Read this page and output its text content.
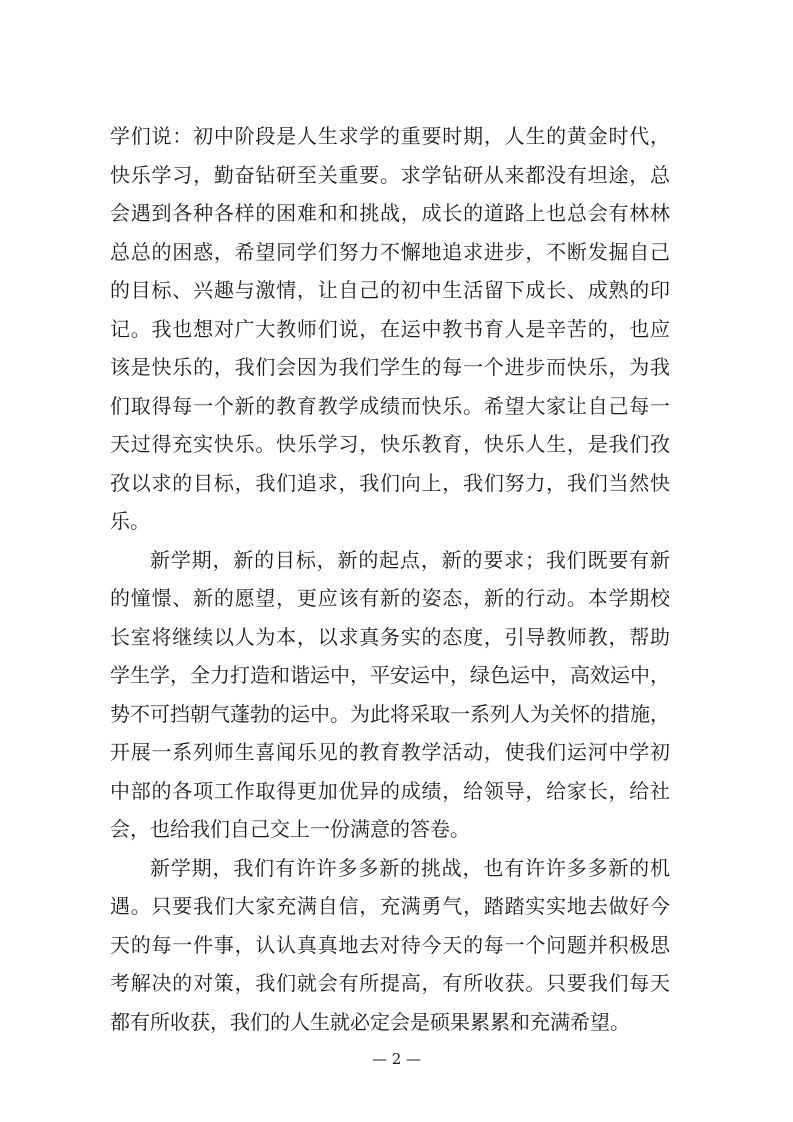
学们说：初中阶段是人生求学的重要时期，人生的黄金时代，
快乐学习，勤奋钻研至关重要。求学钻研从来都没有坦途，总
会遇到各种各样的困难和和挑战，成长的道路上也总会有林林
总总的困惑，希望同学们努力不懈地追求进步，不断发掘自己
的目标、兴趣与激情，让自己的初中生活留下成长、成熟的印
记。我也想对广大教师们说，在运中教书育人是辛苦的，也应
该是快乐的，我们会因为我们学生的每一个进步而快乐，为我
们取得每一个新的教育教学成绩而快乐。希望大家让自己每一
天过得充实快乐。快乐学习，快乐教育，快乐人生，是我们孜
孜以求的目标，我们追求，我们向上，我们努力，我们当然快
乐。
新学期，新的目标，新的起点，新的要求；我们既要有新
的憧憬、新的愿望，更应该有新的姿态，新的行动。本学期校
长室将继续以人为本，以求真务实的态度，引导教师教，帮助
学生学，全力打造和谐运中，平安运中，绿色运中，高效运中，
势不可挡朝气蓬勃的运中。为此将采取一系列人为关怀的措施，
开展一系列师生喜闻乐见的教育教学活动，使我们运河中学初
中部的各项工作取得更加优异的成绩，给领导，给家长，给社
会，也给我们自己交上一份满意的答卷。
新学期，我们有许许多多新的挑战，也有许许多多新的机
遇。只要我们大家充满自信，充满勇气，踏踏实实地去做好今
天的每一件事，认认真真地去对待今天的每一个问题并积极思
考解决的对策，我们就会有所提高，有所收获。只要我们每天
都有所收获，我们的人生就必定会是硕果累累和充满希望。
— 2 —
